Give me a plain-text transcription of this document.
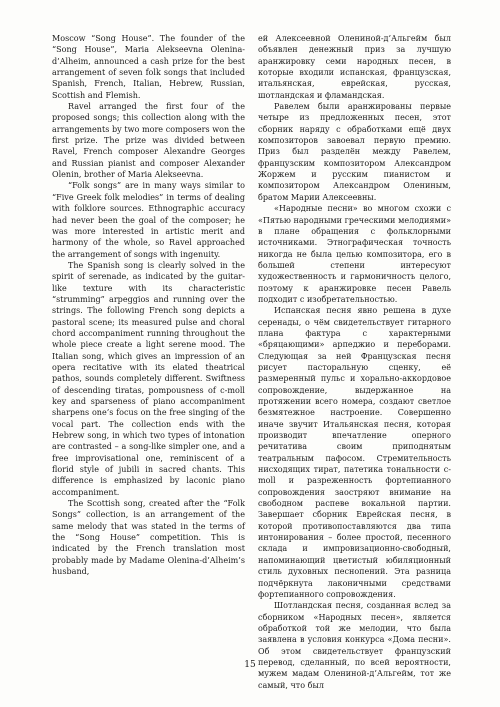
Moscow “Song House”. The founder of the “Song House”, Maria Alekseevna Olenina-d’Alheim, announced a cash prize for the best arrangement of seven folk songs that included Spanish, French, Italian, Hebrew, Russian, Scottish and Flemish.

Ravel arranged the first four of the proposed songs; this collection along with the arrangements by two more composers won the first prize. The prize was divided between Ravel, French composer Alexandre Georges and Russian pianist and composer Alexander Olenin, brother of Maria Alekseevna.

“Folk songs” are in many ways similar to “Five Greek folk melodies” in terms of dealing with folklore sources. Ethnographic accuracy had never been the goal of the composer; he was more interested in artistic merit and harmony of the whole, so Ravel approached the arrangement of songs with ingenuity.

The Spanish song is clearly solved in the spirit of serenade, as indicated by the guitar-like texture with its characteristic “strumming” arpeggios and running over the strings. The following French song depicts a pastoral scene; its measured pulse and choral chord accompaniment running throughout the whole piece create a light serene mood. The Italian song, which gives an impression of an opera recitative with its elated theatrical pathos, sounds completely different. Swiftness of descending tiratas, pompousness of c-moll key and sparseness of piano accompaniment sharpens one’s focus on the free singing of the vocal part. The collection ends with the Hebrew song, in which two types of intonation are contrasted – a song-like simpler one, and a free improvisational one, reminiscent of a florid style of jubili in sacred chants. This difference is emphasized by laconic piano accompaniment.

The Scottish song, created after the “Folk Songs” collection, is an arrangement of the same melody that was stated in the terms of the “Song House” competition. This is indicated by the French translation most probably made by Madame Olenina-d’Alheim’s husband,

ей Алексеевной Олениной-д’Альгейм был объявлен денежный приз за лучшую аранжировку семи народных песен, в которые входили испанская, французская, итальянская, еврейская, русская, шотландская и фламандская.

Равелем были аранжированы первые четыре из предложенных песен, этот сборник наряду с обработками ещё двух композиторов завоевал первую премию. Приз был разделён между Равелем, французским композитором Александром Жоржем и русским пианистом и композитором Александром Олениным, братом Марии Алексеевны.

«Народные песни» во многом схожи с «Пятью народными греческими мелодиями» в плане обращения с фольклорными источниками. Этнографическая точность никогда не была целью композитора, его в большей степени интересуют художественность и гармоничность целого, поэтому к аранжировке песен Равель подходит с изобретательностью.

Испанская песня явно решена в духе серенады, о чём свидетельствует гитарного плана фактура с характерными «бряцающими» арпеджио и переборами. Следующая за ней Французская песня рисует пасторальную сценку, её размеренный пульс и хорально-аккордовое сопровождение, выдержанное на протяжении всего номера, создают светлое безмятежное настроение. Совершенно иначе звучит Итальянская песня, которая производит впечатление оперного речитатива своим приподнятым театральным пафосом. Стремительность нисходящих тират, патетика тональности c-moll и разреженность фортепианного сопровождения заостряют внимание на свободном распеве вокальной партии. Завершает сборник Еврейская песня, в которой противопоставляются два типа интонирования – более простой, песенного склада и импровизационно-свободный, напоминающий цветистый юбиляционный стиль духовных песнопений. Эта разница подчёркнута лаконичными средствами фортепианного сопровождения.

Шотландская песня, созданная вслед за сборником «Народных песен», является обработкой той же мелодии, что была заявлена в условия конкурса «Дома песни». Об этом свидетельствует французский перевод, сделанный, по всей вероятности, мужем мадам Олениной-д’Альгейм, тот же самый, что был

15
